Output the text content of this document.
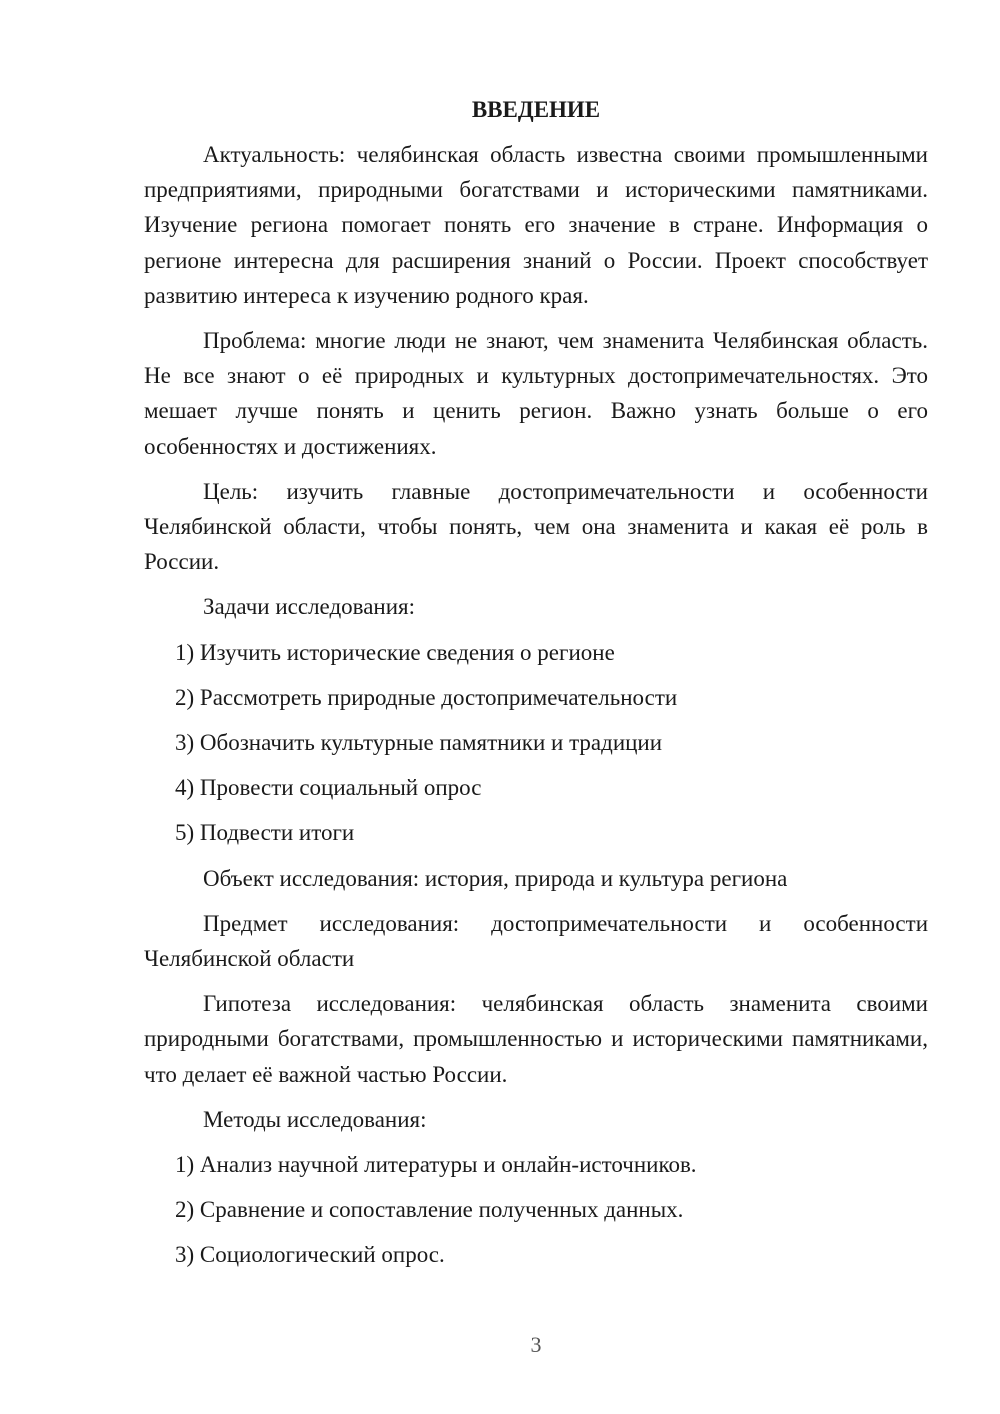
ВВЕДЕНИЕ

Актуальность: челябинская область известна своими промышленными предприятиями, природными богатствами и историческими памятниками. Изучение региона помогает понять его значение в стране. Информация о регионе интересна для расширения знаний о России. Проект способствует развитию интереса к изучению родного края.

Проблема: многие люди не знают, чем знаменита Челябинская область. Не все знают о её природных и культурных достопримечательностях. Это мешает лучше понять и ценить регион. Важно узнать больше о его особенностях и достижениях.

Цель: изучить главные достопримечательности и особенности Челябинской области, чтобы понять, чем она знаменита и какая её роль в России.

Задачи исследования:

1) Изучить исторические сведения о регионе

2) Рассмотреть природные достопримечательности

3) Обозначить культурные памятники и традиции

4) Провести социальный опрос

5) Подвести итоги

Объект исследования: история, природа и культура региона

Предмет исследования: достопримечательности и особенности Челябинской области

Гипотеза исследования: челябинская область знаменита своими природными богатствами, промышленностью и историческими памятниками, что делает её важной частью России.

Методы исследования:

1) Анализ научной литературы и онлайн-источников.

2) Сравнение и сопоставление полученных данных.

3) Социологический опрос.

3
